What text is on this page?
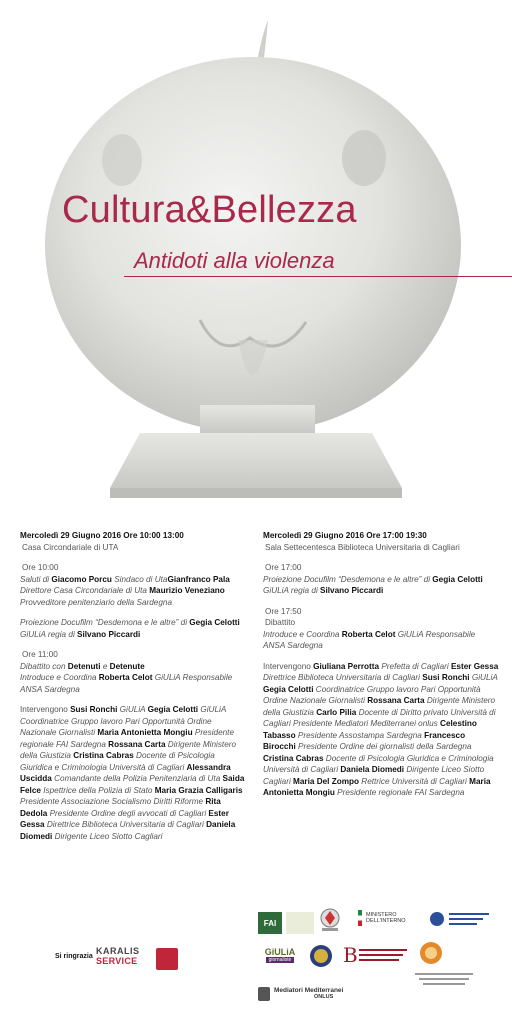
Cultura&Bellezza
Antidoti alla violenza

Mercoledì 29 Giugno 2016 Ore 10:00 13:00

Casa Circondariale di UTA

Ore 10:00

Saluti di Giacomo Porcu Sindaco di UtaGianfranco Pala Direttore Casa Circondariale di Uta Maurizio Veneziano Provveditore penitenziario della Sardegna

Proiezione Docufilm “Desdemona e le altre” di Gegia Celotti
GiULiA regia di Silvano Piccardi

Ore 11:00

Dibattito con Detenuti e Detenute

Introduce e Coordina Roberta Celot GiULiA Responsabile ANSA Sardegna

Intervengono Susi Ronchi GiULiA Gegia Celotti GiULiA Coordinatrice Gruppo lavoro Pari Opportunità Ordine Nazionale Giornalisti Maria Antonietta Mongiu Presidente regionale FAI Sardegna Rossana Carta Dirigente Ministero della Giustizia Cristina Cabras Docente di Psicologia Giuridica e Criminologia Università di Cagliari Alessandra Uscidda Comandante della Polizia Penitenziaria di Uta Saida Felce Ispettrice della Polizia di Stato Maria Grazia Calligaris Presidente Associazione Socialismo Diritti Riforme Rita Dedola Presidente Ordine degli avvocati di Cagliari Ester Gessa Direttrice Biblioteca Universitaria di Cagliari Daniela Diomedi Dirigente Liceo Siotto Cagliari

Mercoledì 29 Giugno 2016 Ore 17:00 19:30

Sala Settecentesca Biblioteca Universitaria di Cagliari

Ore 17:00

Proiezione Docufilm “Desdemona e le altre” di Gegia Celotti
GiULiA regia di Silvano Piccardi

Ore 17:50

Dibattito

Introduce e Coordina Roberta Celot GiULiA Responsabile ANSA Sardegna

Intervengono Giuliana Perrotta Prefetta di Cagliari Ester Gessa Direttrice Biblioteca Universitaria di Cagliari Susi Ronchi GiULiA Gegia Celotti Coordinatrice Gruppo lavoro Pari Opportunità Ordine Nazionale Giornalisti Rossana Carta Dirigente Ministero della Giustizia Carlo Pilia Docente di Diritto privato Università di Cagliari Presidente Mediatori Mediterranei onlus Celestino Tabasso Presidente Assostampa Sardegna Francesco Birocchi Presidente Ordine dei giornalisti della Sardegna Cristina Cabras Docente di Psicologia Giuridica e Criminologia Università di Cagliari Daniela Diomedi Dirigente Liceo Siotto Cagliari Maria Del Zompo Rettrice Università di Cagliari Maria Antonietta Mongiu Presidente regionale FAI Sardegna

Si ringrazia
KARALIS
SERVICE
FAI
MINISTERO DELL'INTERNO
GiULiA
giornaliste	B
Mediatori Mediterranei
ONLUS
